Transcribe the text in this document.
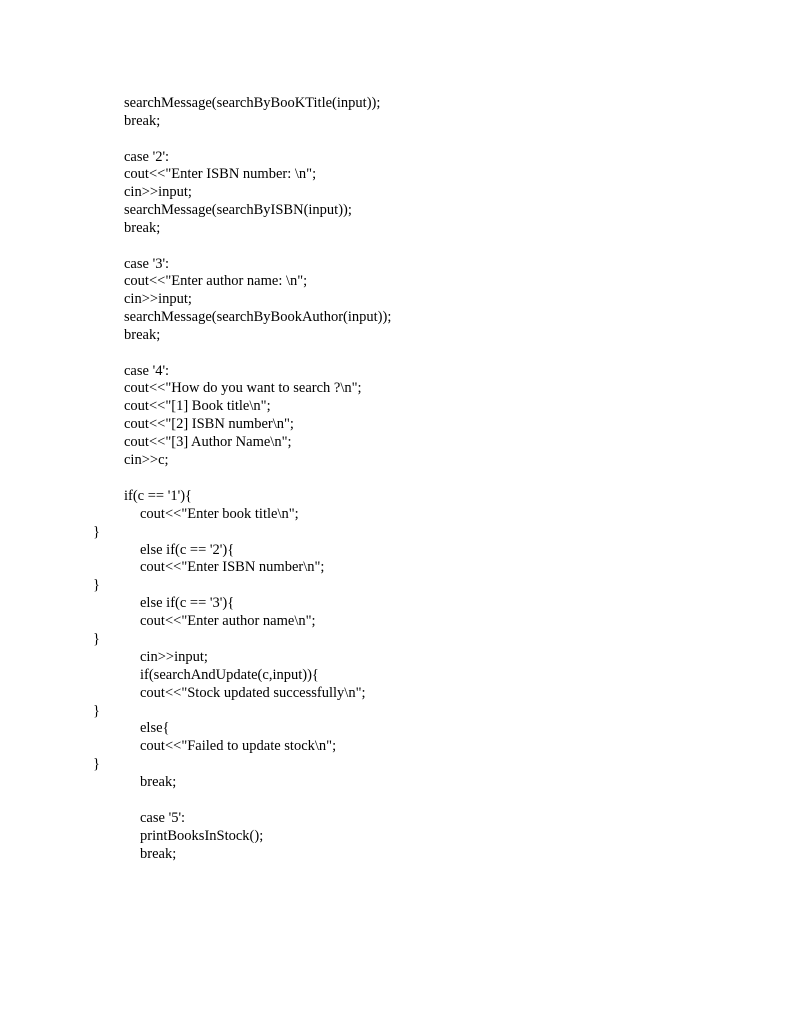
searchMessage(searchByBooKTitle(input));
break;
case '2':
cout<<"Enter ISBN number: \n";
cin>>input;
searchMessage(searchByISBN(input));
break;
case '3':
cout<<"Enter author name: \n";
cin>>input;
searchMessage(searchByBookAuthor(input));
break;
case '4':
cout<<"How do you want to search ?\n";
cout<<"[1] Book title\n";
cout<<"[2] ISBN number\n";
cout<<"[3] Author Name\n";
cin>>c;
if(c == '1'){
cout<<"Enter book title\n";
}
else if(c == '2'){
cout<<"Enter ISBN number\n";
}
else if(c == '3'){
cout<<"Enter author name\n";
}
cin>>input;
if(searchAndUpdate(c,input)){
cout<<"Stock updated successfully\n";
}
else{
cout<<"Failed to update stock\n";
}
break;
case '5':
printBooksInStock();
break;
